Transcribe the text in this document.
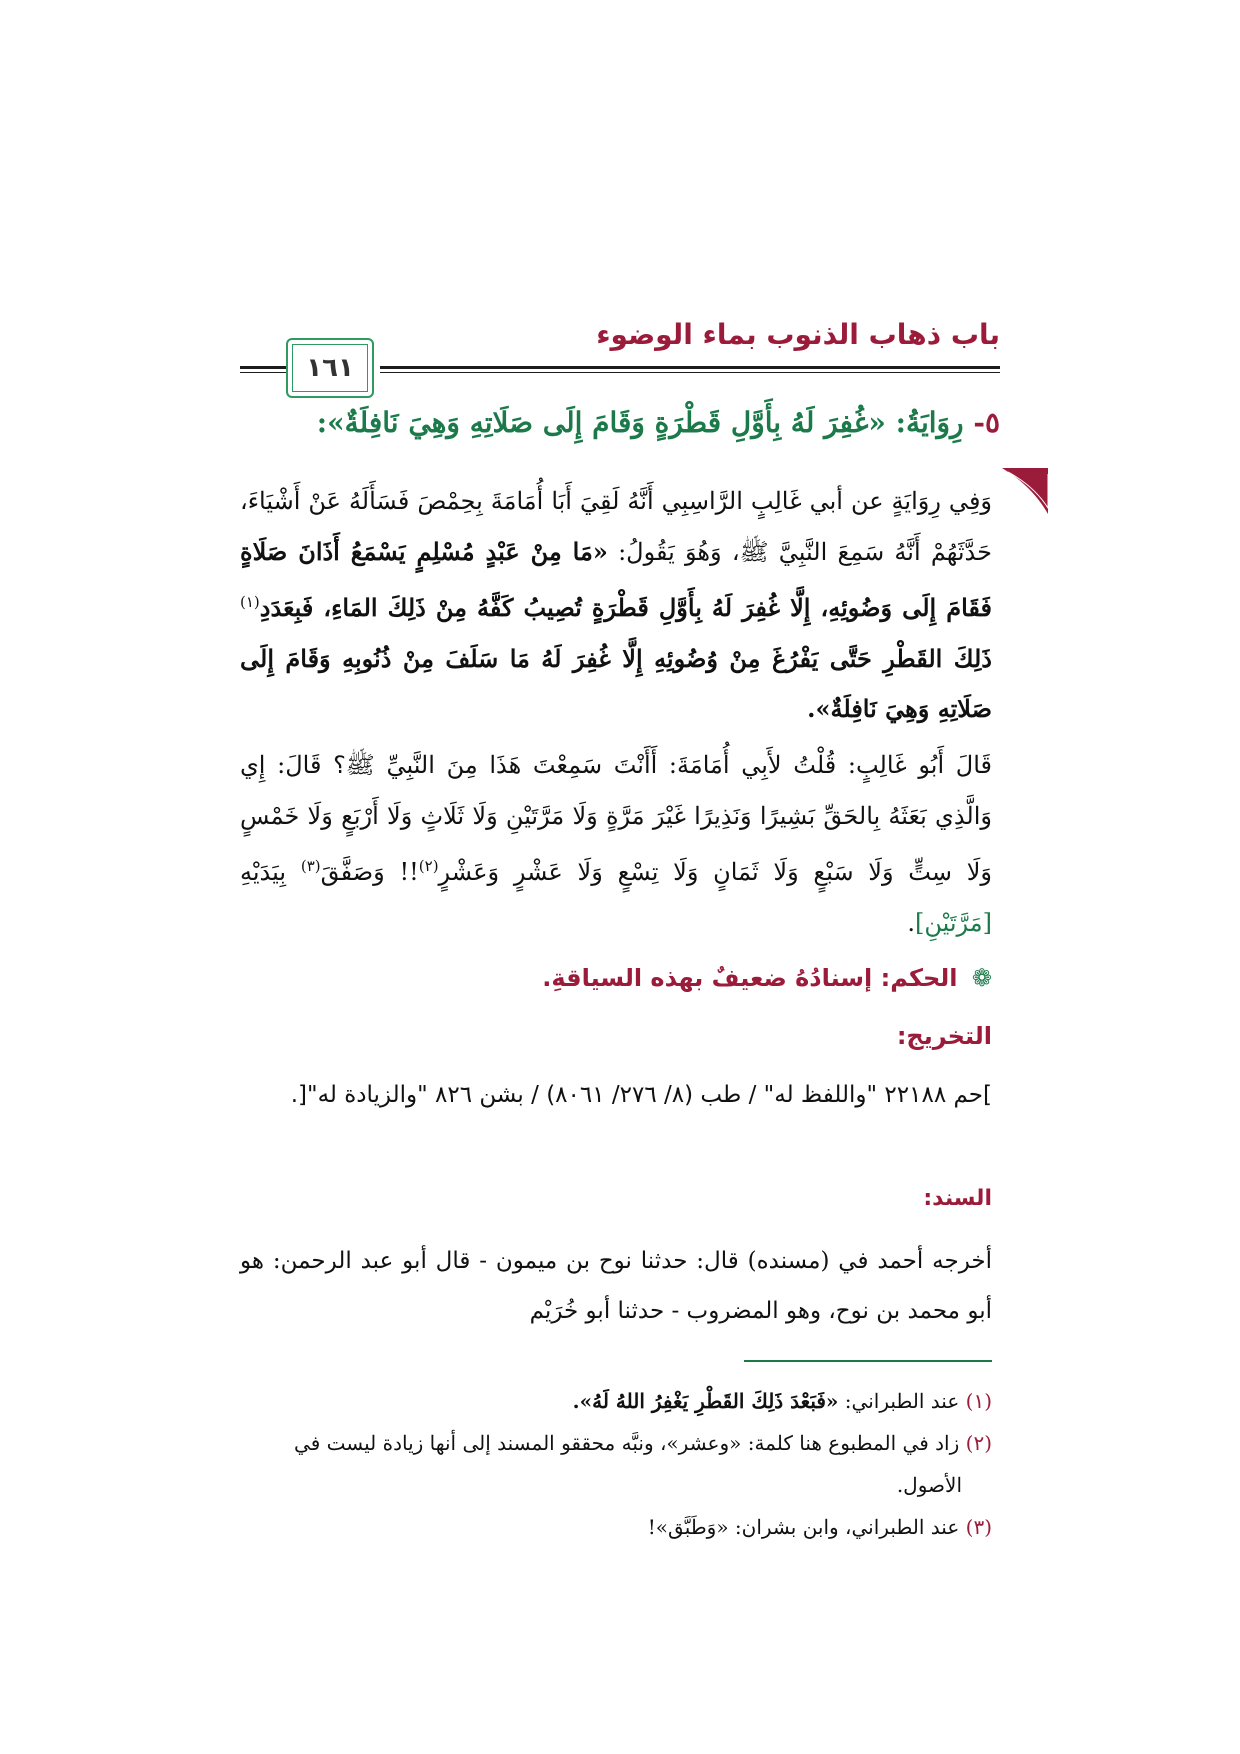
باب ذهاب الذنوب بماء الوضوء
١٦١
٥- رِوَايَةُ: «غُفِرَ لَهُ بِأَوَّلِ قَطْرَةٍ وَقَامَ إِلَى صَلَاتِهِ وَهِيَ نَافِلَةٌ»:
وَفِي رِوَايَةٍ عن أبي غَالِبٍ الرَّاسِبِي أَنَّهُ لَقِيَ أَبَا أُمَامَةَ بِحِمْصَ فَسَأَلَهُ عَنْ أَشْيَاءَ، حَدَّثَهُمْ أَنَّهُ سَمِعَ النَّبِيَّ ﷺ، وَهُوَ يَقُولُ: «مَا مِنْ عَبْدٍ مُسْلِمٍ يَسْمَعُ أَذَانَ صَلَاةٍ فَقَامَ إِلَى وَضُوئِهِ، إِلَّا غُفِرَ لَهُ بِأَوَّلِ قَطْرَةٍ تُصِيبُ كَفَّهُ مِنْ ذَلِكَ المَاءِ، فَبِعَدَدِ$^{(١)}$ ذَلِكَ القَطْرِ حَتَّى يَفْرُغَ مِنْ وُضُوئِهِ إِلَّا غُفِرَ لَهُ مَا سَلَفَ مِنْ ذُنُوبِهِ وَقَامَ إِلَى صَلَاتِهِ وَهِيَ نَافِلَةٌ».
قَالَ أَبُو غَالِبٍ: قُلْتُ لأَبِي أُمَامَةَ: أَأَنْتَ سَمِعْتَ هَذَا مِنَ النَّبِيِّ ﷺ؟ قَالَ: إِي وَالَّذِي بَعَثَهُ بِالحَقِّ بَشِيرًا وَنَذِيرًا غَيْرَ مَرَّةٍ وَلَا مَرَّتَيْنِ وَلَا ثَلَاثٍ وَلَا أَرْبَعٍ وَلَا خَمْسٍ وَلَا سِتٍّ وَلَا سَبْعٍ وَلَا ثَمَانٍ وَلَا تِسْعٍ وَلَا عَشْرٍ وَعَشْرٍ$^{(٢)}$!! وَصَفَّقَ$^{(٣)}$ بِيَدَيْهِ [مَرَّتَيْنِ].
❁ الحكم: إسنادُهُ ضعيفٌ بهذه السياقةِ.
التخريج:
]حم ٢٢١٨٨ "واللفظ له" / طب (٨/ ٢٧٦/ ٨٠٦١) / بشن ٨٢٦ "والزيادة له"[.
السند:
أخرجه أحمد في (مسنده) قال: حدثنا نوح بن ميمون - قال أبو عبد الرحمن: هو أبو محمد بن نوح، وهو المضروب - حدثنا أبو خُرَيْم

(١) عند الطبراني: «فَبَعْدَ ذَلِكَ القَطْرِ يَغْفِرُ اللهُ لَهُ».

(٢) زاد في المطبوع هنا كلمة: «وعشر»، ونبَّه محققو المسند إلى أنها زيادة ليست في

الأصول.

(٣) عند الطبراني، وابن بشران: «وَطَبَّق»!
